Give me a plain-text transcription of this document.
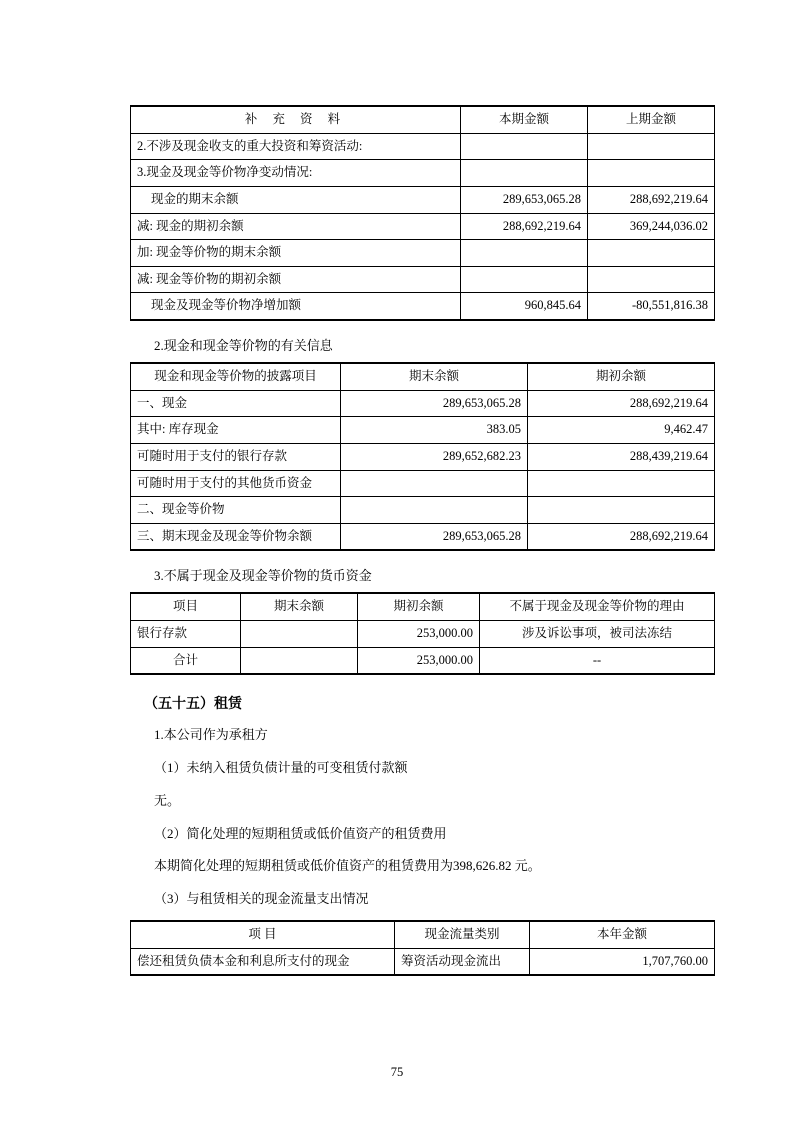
补 充 资 料	本期金额	上期金额
2.不涉及现金收支的重大投资和筹资活动:		
3.现金及现金等价物净变动情况:		
现金的期末余额	289,653,065.28	288,692,219.64
减: 现金的期初余额	288,692,219.64	369,244,036.02
加: 现金等价物的期末余额		
减: 现金等价物的期初余额		
现金及现金等价物净增加额	960,845.64	-80,551,816.38
2.现金和现金等价物的有关信息
现金和现金等价物的披露项目	期末余额	期初余额
一、现金	289,653,065.28	288,692,219.64
其中: 库存现金	383.05	9,462.47
可随时用于支付的银行存款	289,652,682.23	288,439,219.64
可随时用于支付的其他货币资金		
二、现金等价物		
三、期末现金及现金等价物余额	289,653,065.28	288,692,219.64
3.不属于现金及现金等价物的货币资金
项目	期末余额	期初余额	不属于现金及现金等价物的理由
银行存款		253,000.00	涉及诉讼事项，被司法冻结
合计		253,000.00	--
（五十五）租赁
1.本公司作为承租方
（1）未纳入租赁负债计量的可变租赁付款额
无。
（2）简化处理的短期租赁或低价值资产的租赁费用
本期简化处理的短期租赁或低价值资产的租赁费用为398,626.82 元。
（3）与租赁相关的现金流量支出情况
项 目	现金流量类别	本年金额
偿还租赁负债本金和利息所支付的现金	筹资活动现金流出	1,707,760.00
75
